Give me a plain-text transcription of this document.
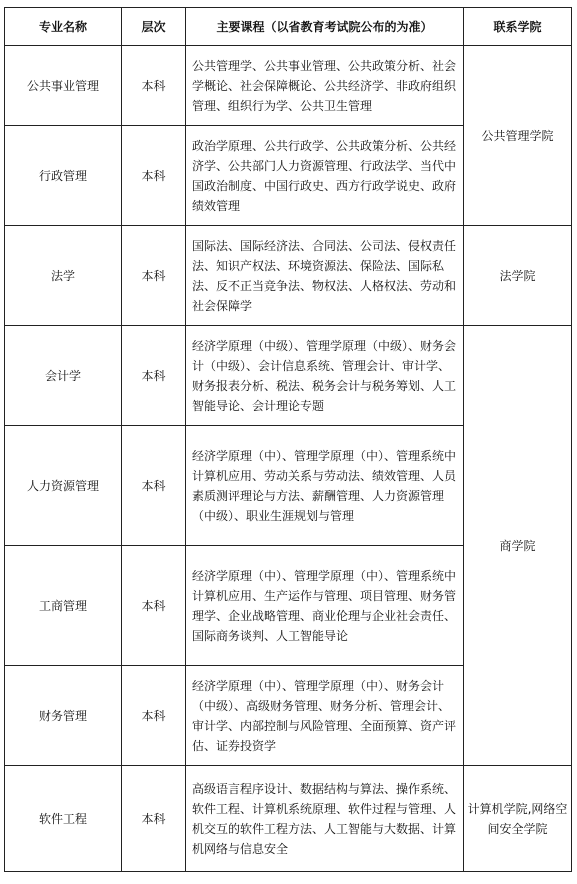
专业名称	层次	主要课程（以省教育考试院公布的为准）	联系学院
公共事业管理	本科	公共管理学、公共事业管理、公共政策分析、社会学概论、社会保障概论、公共经济学、非政府组织管理、组织行为学、公共卫生管理	公共管理学院
行政管理	本科	政治学原理、公共行政学、公共政策分析、公共经济学、公共部门人力资源管理、行政法学、当代中国政治制度、中国行政史、西方行政学说史、政府绩效管理	

法学	本科	国际法、国际经济法、合同法、公司法、侵权责任法、知识产权法、环境资源法、保险法、国际私法、反不正当竞争法、物权法、人格权法、劳动和社会保障学	法学院
会计学	本科	经济学原理（中级）、管理学原理（中级）、财务会计（中级）、会计信息系统、管理会计、审计学、财务报表分析、税法、税务会计与税务筹划、人工智能导论、会计理论专题	商学院
人力资源管理	本科	经济学原理（中）、管理学原理（中）、管理系统中计算机应用、劳动关系与劳动法、绩效管理、人员素质测评理论与方法、薪酬管理、人力资源管理（中级）、职业生涯规划与管理	

工商管理	本科	经济学原理（中）、管理学原理（中）、管理系统中计算机应用、生产运作与管理、项目管理、财务管理学、企业战略管理、商业伦理与企业社会责任、国际商务谈判、人工智能导论	

财务管理	本科	经济学原理（中）、管理学原理（中）、财务会计（中级）、高级财务管理、财务分析、管理会计、审计学、内部控制与风险管理、全面预算、资产评估、证券投资学	

软件工程	本科	高级语言程序设计、数据结构与算法、操作系统、软件工程、计算机系统原理、软件过程与管理、人机交互的软件工程方法、人工智能与大数据、计算机网络与信息安全	计算机学院,网络空间安全学院
